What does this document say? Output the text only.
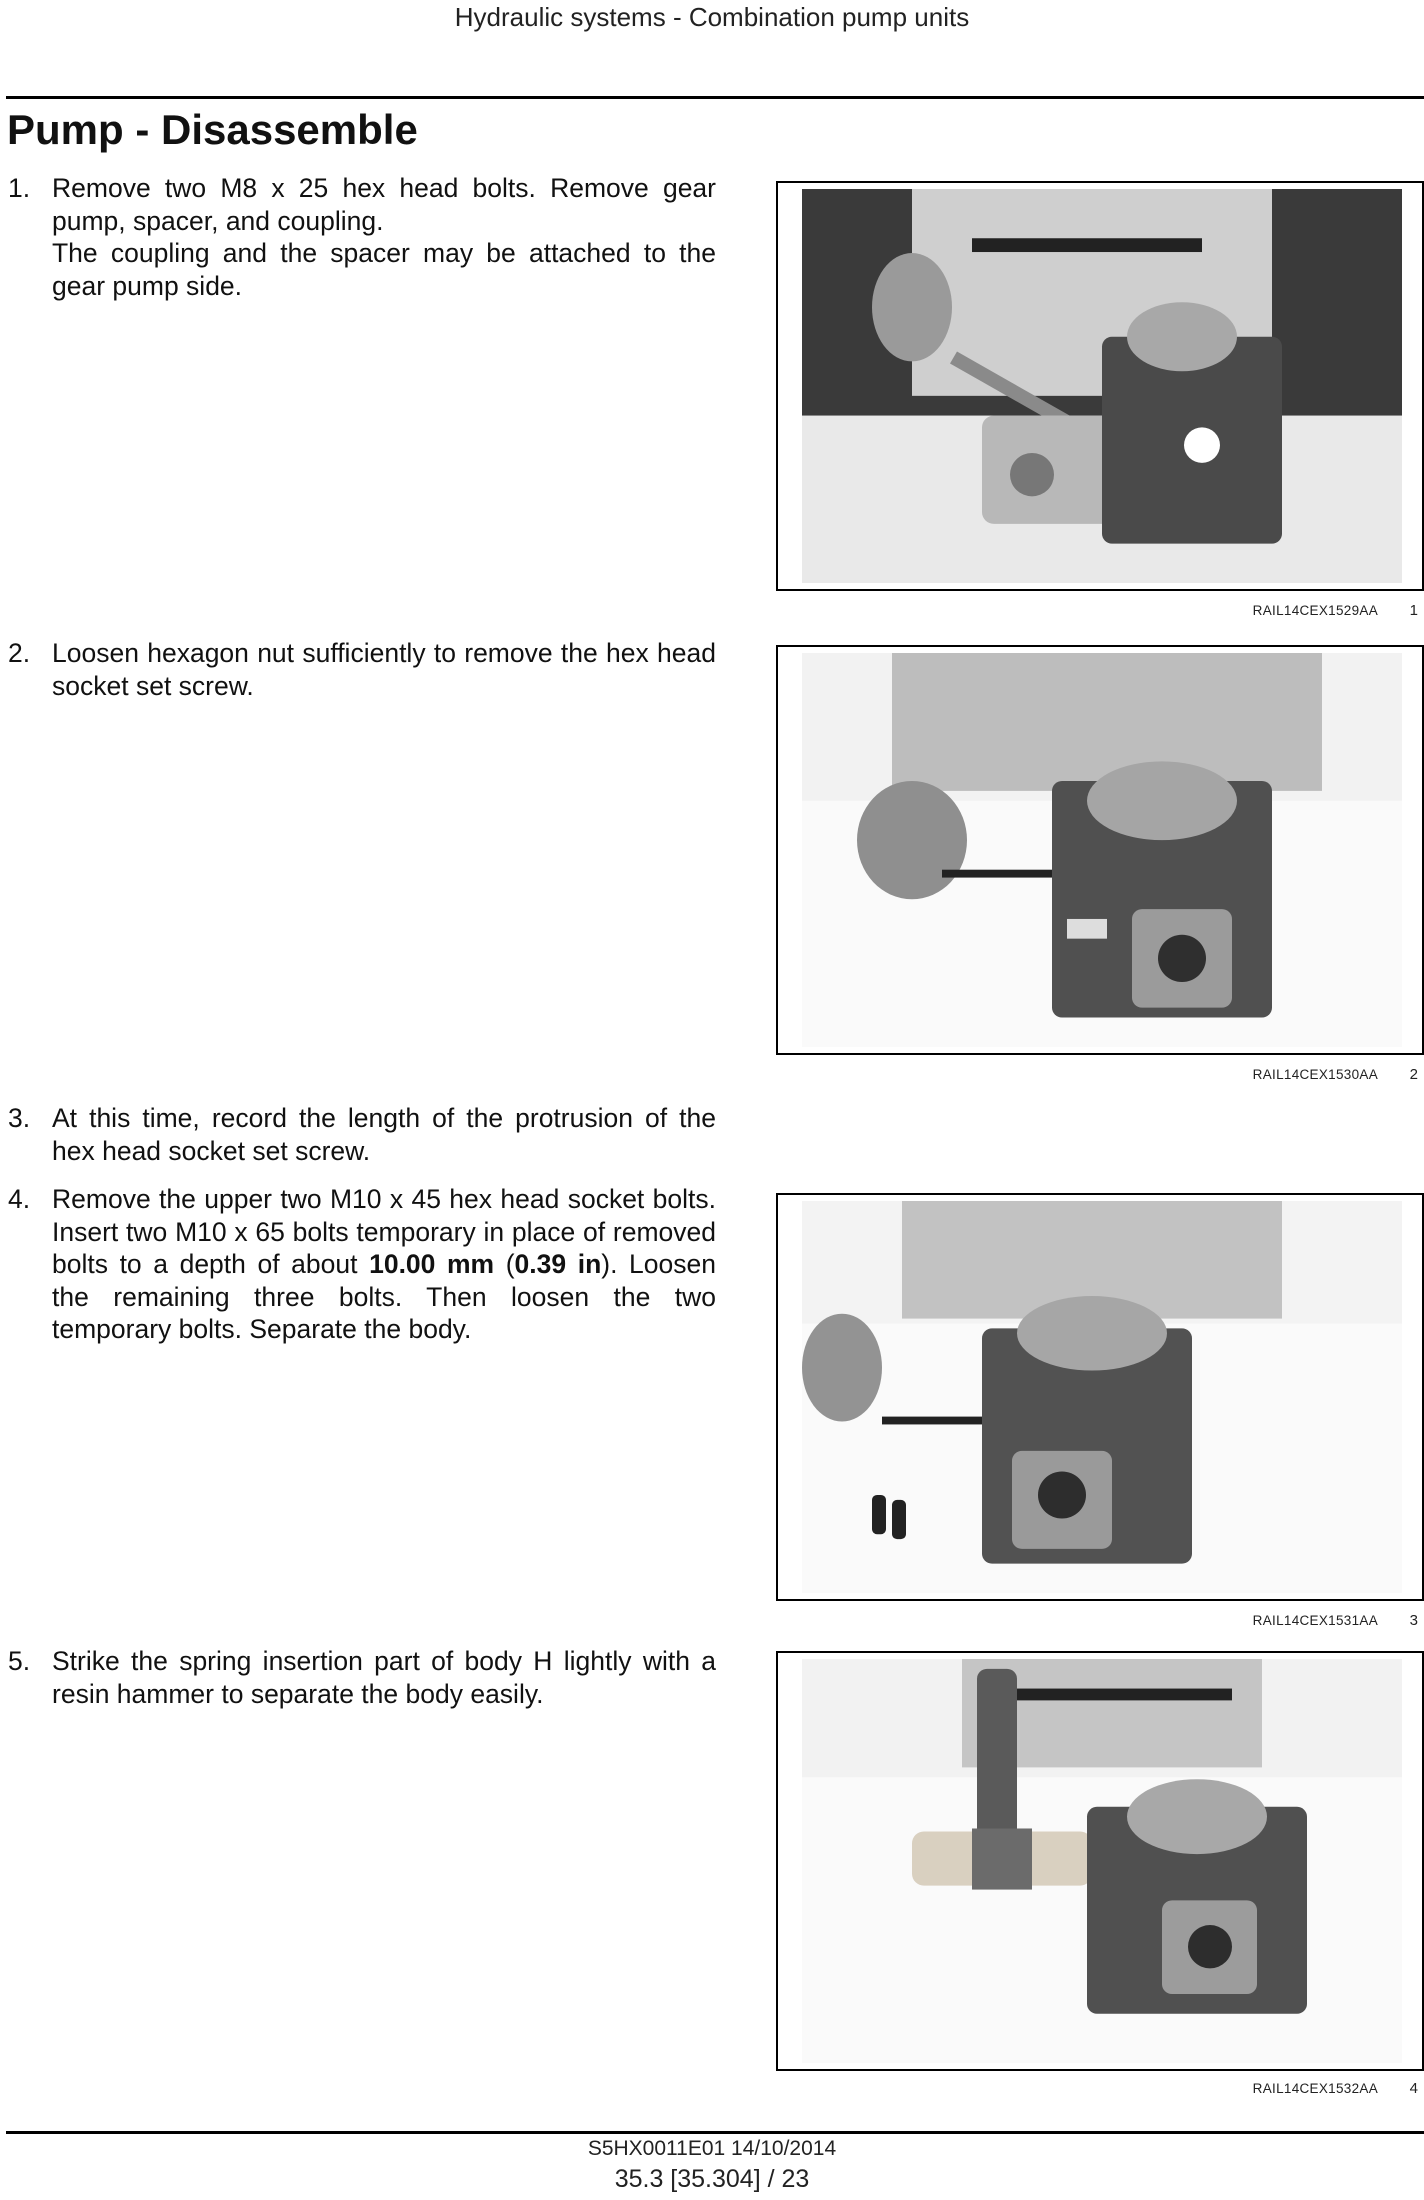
Hydraulic systems - Combination pump units
Pump - Disassemble
1. Remove two M8 x 25 hex head bolts. Remove gear pump, spacer, and coupling.

The coupling and the spacer may be attached to the gear pump side.

2. Loosen hexagon nut sufficiently to remove the hex head socket set screw.

3. At this time, record the length of the protrusion of the hex head socket set screw.

4. Remove the upper two M10 x 45 hex head socket bolts. Insert two M10 x 65 bolts temporary in place of removed bolts to a depth of about 10.00 mm (0.39 in). Loosen the remaining three bolts. Then loosen the two temporary bolts. Separate the body.

5. Strike the spring insertion part of body H lightly with a resin hammer to separate the body easily.

RAIL14CEX1529AA 1
RAIL14CEX1530AA 2
RAIL14CEX1531AA 3
RAIL14CEX1532AA 4
S5HX0011E01 14/10/2014
35.3 [35.304] / 23
